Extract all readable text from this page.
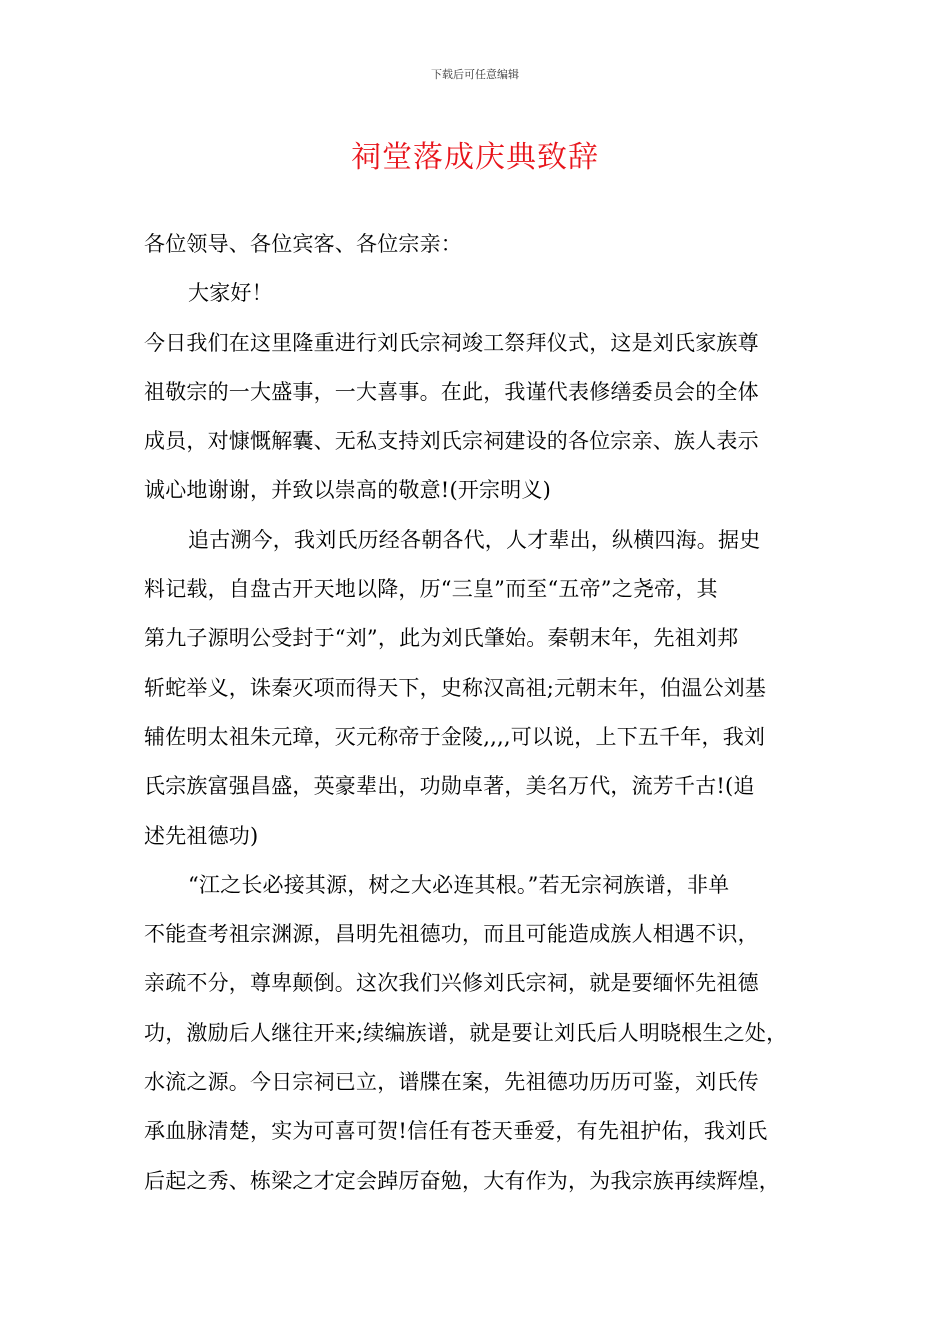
下载后可任意编辑
祠堂落成庆典致辞
各位领导、各位宾客、各位宗亲：
大家好！
今日我们在这里隆重进行刘氏宗祠竣工祭拜仪式，这是刘氏家族尊
祖敬宗的一大盛事，一大喜事。在此，我谨代表修缮委员会的全体
成员，对慷慨解囊、无私支持刘氏宗祠建设的各位宗亲、族人表示
诚心地谢谢，并致以崇高的敬意!(开宗明义)
追古溯今，我刘氏历经各朝各代，人才辈出，纵横四海。据史
料记载，自盘古开天地以降，历“三皇”而至“五帝”之尧帝，其
第九子源明公受封于“刘”，此为刘氏肇始。秦朝末年，先祖刘邦
斩蛇举义，诛秦灭项而得天下，史称汉高祖;元朝末年，伯温公刘基
辅佐明太祖朱元璋，灭元称帝于金陵,,,,可以说，上下五千年，我刘
氏宗族富强昌盛，英豪辈出，功勋卓著，美名万代，流芳千古!(追
述先祖德功)
“江之长必接其源，树之大必连其根。”若无宗祠族谱，非单
不能查考祖宗渊源，昌明先祖德功，而且可能造成族人相遇不识，
亲疏不分，尊卑颠倒。这次我们兴修刘氏宗祠，就是要缅怀先祖德
功，激励后人继往开来;续编族谱，就是要让刘氏后人明晓根生之处，
水流之源。今日宗祠已立，谱牒在案，先祖德功历历可鉴，刘氏传
承血脉清楚，实为可喜可贺!信任有苍天垂爱，有先祖护佑，我刘氏
后起之秀、栋梁之才定会踔厉奋勉，大有作为，为我宗族再续辉煌，
